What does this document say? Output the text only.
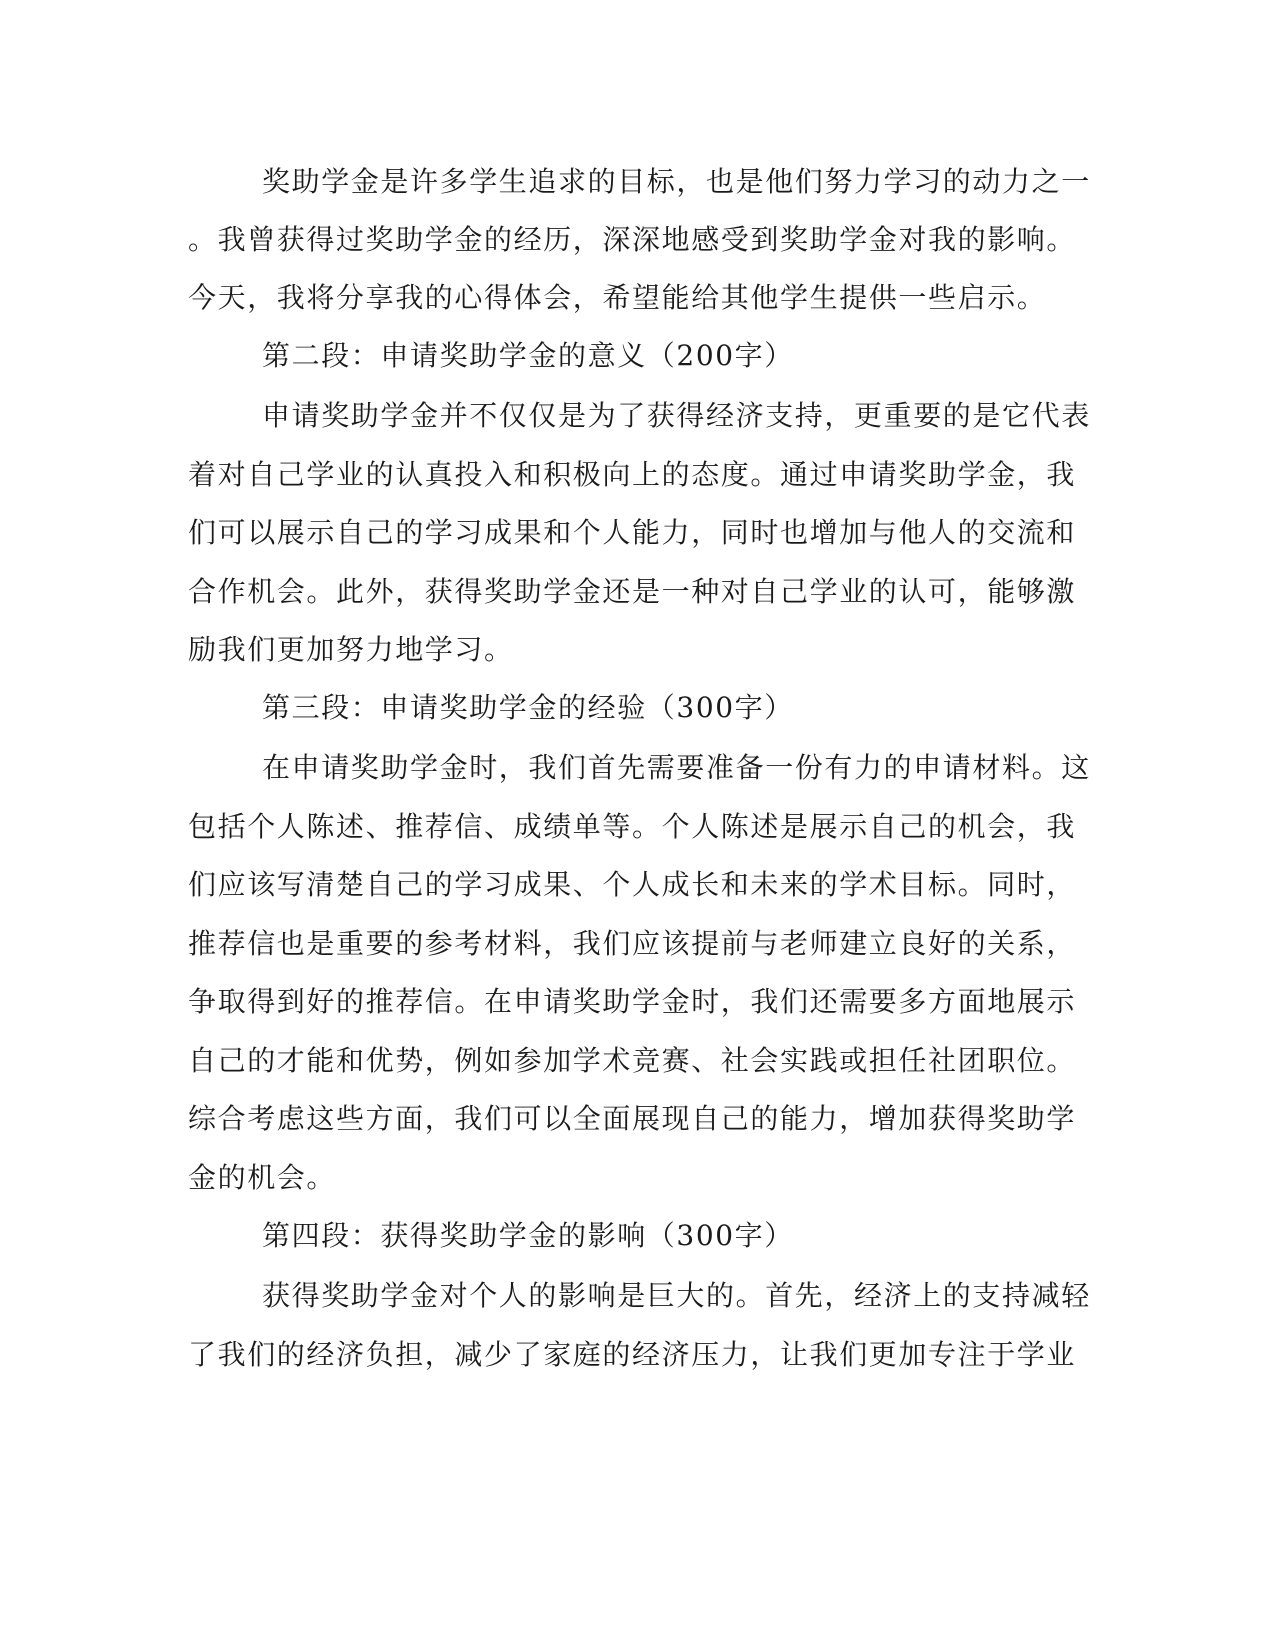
奖助学金是许多学生追求的目标，也是他们努力学习的动力之一

。我曾获得过奖助学金的经历，深深地感受到奖助学金对我的影响。

今天，我将分享我的心得体会，希望能给其他学生提供一些启示。

第二段：申请奖助学金的意义（200字）

申请奖助学金并不仅仅是为了获得经济支持，更重要的是它代表

着对自己学业的认真投入和积极向上的态度。通过申请奖助学金，我

们可以展示自己的学习成果和个人能力，同时也增加与他人的交流和

合作机会。此外，获得奖助学金还是一种对自己学业的认可，能够激

励我们更加努力地学习。

第三段：申请奖助学金的经验（300字）

在申请奖助学金时，我们首先需要准备一份有力的申请材料。这

包括个人陈述、推荐信、成绩单等。个人陈述是展示自己的机会，我

们应该写清楚自己的学习成果、个人成长和未来的学术目标。同时，

推荐信也是重要的参考材料，我们应该提前与老师建立良好的关系，

争取得到好的推荐信。在申请奖助学金时，我们还需要多方面地展示

自己的才能和优势，例如参加学术竞赛、社会实践或担任社团职位。

综合考虑这些方面，我们可以全面展现自己的能力，增加获得奖助学

金的机会。

第四段：获得奖助学金的影响（300字）

获得奖助学金对个人的影响是巨大的。首先，经济上的支持减轻

了我们的经济负担，减少了家庭的经济压力，让我们更加专注于学业
